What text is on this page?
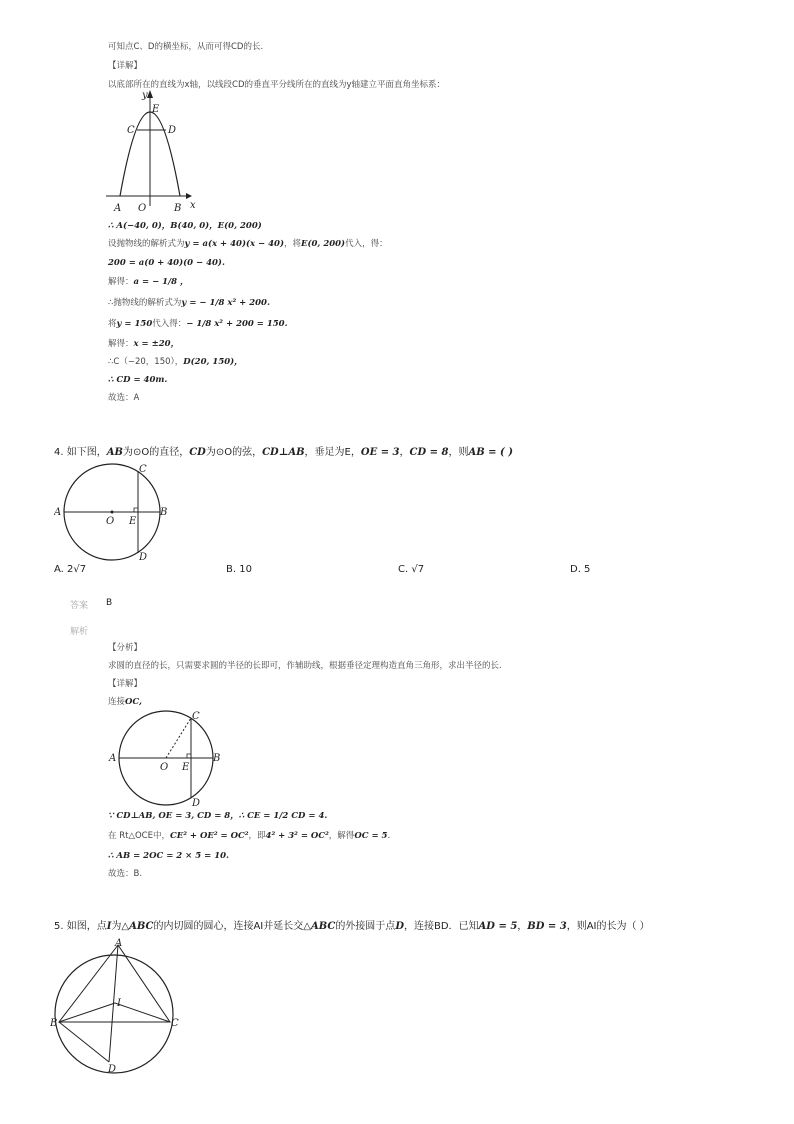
可知点C、D的横坐标，从而可得CD的长.
【详解】
以底部所在的直线为x轴，以线段CD的垂直平分线所在的直线为y轴建立平面直角坐标系：
y
E
C	D
A O	B x
∴ A(−40, 0)，B(40, 0)，E(0, 200)
设抛物线的解析式为y = a(x + 40)(x − 40)，将E(0, 200)代入，得：
200 = a(0 + 40)(0 − 40).
解得：a = − 1/8 ，
∴抛物线的解析式为y = − 1/8 x² + 200.
将y = 150代入得：− 1/8 x² + 200 = 150.
解得：x = ±20，
∴C（−20，150），D(20, 150)，
∴ CD = 40m.
故选：A
4. 如下图，AB为⊙O的直径，CD为⊙O的弦，CD⊥AB，垂足为E，OE = 3，CD = 8，则AB = ( )
A
O E
B
C
D
A. 2√7	B. 10	C. √7	D. 5
答案 B
解析
【分析】
求圆的直径的长，只需要求圆的半径的长即可，作辅助线，根据垂径定理构造直角三角形，求出半径的长.
【详解】
连接OC,
A
O E
B
C
D
∵ CD⊥AB, OE = 3, CD = 8，∴ CE = 1/2 CD = 4.
在 Rt△OCE中，CE² + OE² = OC²，即4² + 3² = OC²，解得OC = 5.
∴ AB = 2OC = 2 × 5 = 10.
故选：B.
5. 如图，点I为△ABC的内切圆的圆心，连接AI并延长交△ABC的外接圆于点D，连接BD．已知AD = 5，BD = 3，则AI的长为（ ）
A
I
B	C
D
